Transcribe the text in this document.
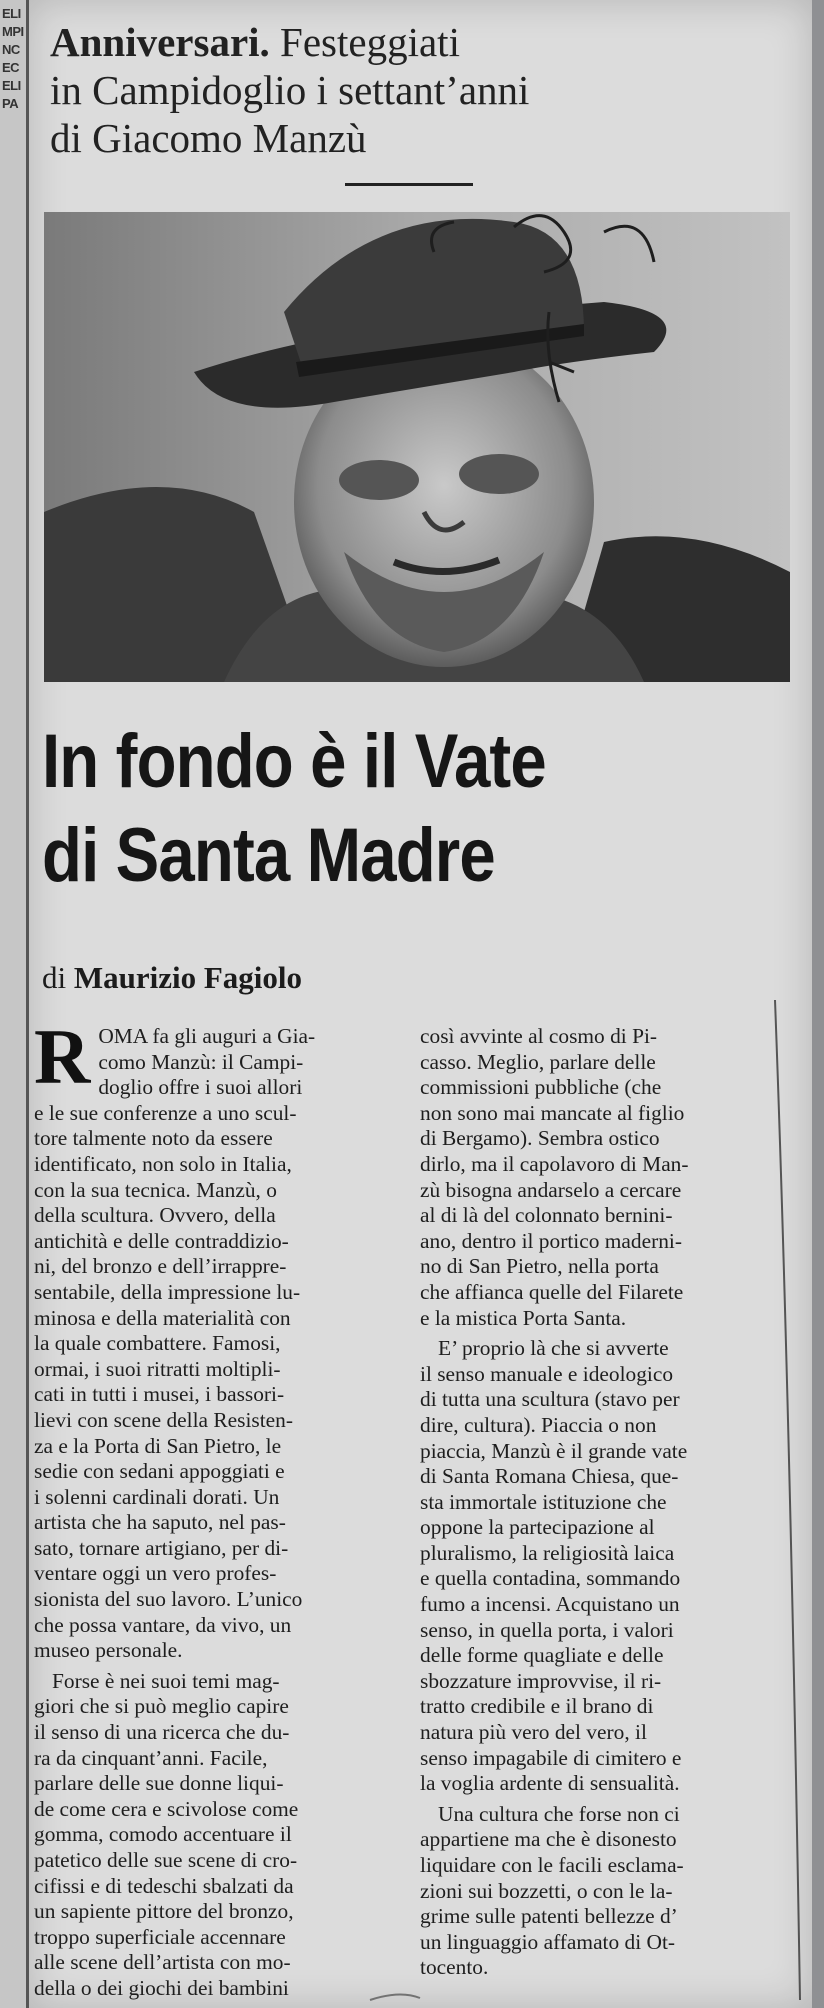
ELI
MPI
NC
EC
ELI
PA
Anniversari. Festeggiati
in Campidoglio i settant’anni
di Giacomo Manzù
In fondo è il Vate
di Santa Madre
di Maurizio Fagiolo
R OMA fa gli auguri a Gia-
como Manzù: il Campi-
doglio offre i suoi allori
e le sue conferenze a uno scul-
tore talmente noto da essere
identificato, non solo in Italia,
con la sua tecnica. Manzù, o
della scultura. Ovvero, della
antichità e delle contraddizio-
ni, del bronzo e dell’irrappre-
sentabile, della impressione lu-
minosa e della materialità con
la quale combattere. Famosi,
ormai, i suoi ritratti moltipli-
cati in tutti i musei, i bassori-
lievi con scene della Resisten-
za e la Porta di San Pietro, le
sedie con sedani appoggiati e
i solenni cardinali dorati. Un
artista che ha saputo, nel pas-
sato, tornare artigiano, per di-
ventare oggi un vero profes-
sionista del suo lavoro. L’unico
che possa vantare, da vivo, un
museo personale.
Forse è nei suoi temi mag-
giori che si può meglio capire
il senso di una ricerca che du-
ra da cinquant’anni. Facile,
parlare delle sue donne liqui-
de come cera e scivolose come
gomma, comodo accentuare il
patetico delle sue scene di cro-
cifissi e di tedeschi sbalzati da
un sapiente pittore del bronzo,
troppo superficiale accennare
alle scene dell’artista con mo-
della o dei giochi dei bambini
così avvinte al cosmo di Pi-
casso. Meglio, parlare delle
commissioni pubbliche (che
non sono mai mancate al figlio
di Bergamo). Sembra ostico
dirlo, ma il capolavoro di Man-
zù bisogna andarselo a cercare
al di là del colonnato bernini-
ano, dentro il portico maderni-
no di San Pietro, nella porta
che affianca quelle del Filarete
e la mistica Porta Santa.
E’ proprio là che si avverte
il senso manuale e ideologico
di tutta una scultura (stavo per
dire, cultura). Piaccia o non
piaccia, Manzù è il grande vate
di Santa Romana Chiesa, que-
sta immortale istituzione che
oppone la partecipazione al
pluralismo, la religiosità laica
e quella contadina, sommando
fumo a incensi. Acquistano un
senso, in quella porta, i valori
delle forme quagliate e delle
sbozzature improvvise, il ri-
tratto credibile e il brano di
natura più vero del vero, il
senso impagabile di cimitero e
la voglia ardente di sensualità.
Una cultura che forse non ci
appartiene ma che è disonesto
liquidare con le facili esclama-
zioni sui bozzetti, o con le la-
grime sulle patenti bellezze d’
un linguaggio affamato di Ot-
tocento.
